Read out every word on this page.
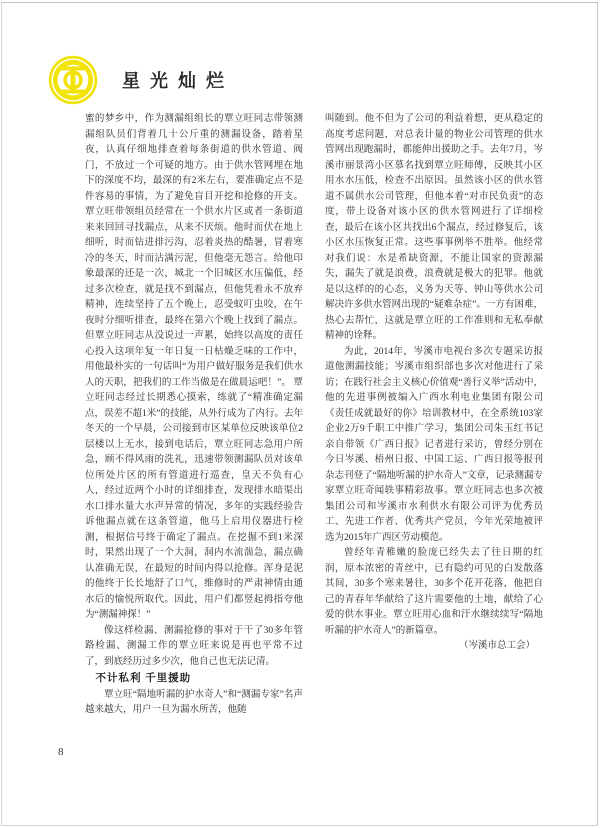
星光灿烂

蜜的梦乡中，作为测漏组组长的覃立旺同志带领测漏组队员们背着几十公斤重的测漏设备，踏着星夜，认真仔细地排查着每条街道的供水管道、阀门，不放过一个可疑的地方。由于供水管网埋在地下的深度不均，最深的有2米左右，要准确定点不是件容易的事情，为了避免盲目开挖和抢修的开支。覃立旺带领组员经常在一个供水片区或者一条街道来来回回寻找漏点，从来不厌烦。他时而伏在地上细听，时而钻进排污沟，忍着炎热的酷暑，冒着寒冷的冬天，时而沾满污泥，但他毫无怨言。给他印象最深的还是一次，城北一个旧城区水压偏低，经过多次检查，就是找不到漏点，但他凭着永不放弃精神，连续坚持了五个晚上，忍受蚊叮虫咬，在午夜时分细听排查，最终在第六个晚上找到了漏点。但覃立旺同志从没说过一声累，始终以高度的责任心投入这项年复一年日复一日枯燥乏味的工作中，用他最朴实的一句话叫“为用户做好服务是我们供水人的天职，把我们的工作当做是在做晨运吧！”。 覃立旺同志经过长期悉心摸索，练就了“精准确定漏点，误差不超1米”的技能，从外行成为了内行。去年冬天的一个早晨，公司接到市区某单位反映该单位2层楼以上无水，接到电话后，覃立旺同志急用户所急，顾不得风雨的洗礼，迅速带领测漏队员对该单位所处片区的所有管道进行巡查，皇天不负有心人，经过近两个小时的详细排查，发现排水暗渠出水口排水量大水声异常的情况，多年的实践经验告诉他漏点就在这条管道，他马上启用仪器进行检测，根据信号终于确定了漏点。在挖掘不到1米深时，果然出现了一个大洞，洞内水流湍急，漏点确认准确无误，在最短的时间内得以抢修。浑身是泥的他终于长长地舒了口气，维修时的严肃神情由通水后的愉悦所取代。因此，用户们都竖起拇指夸他为“测漏神探！”

像这样检漏、测漏抢修的事对于干了30多年管路检漏、测漏工作的覃立旺来说是再也平常不过了，到底经历过多少次，他自己也无法记清。

不计私利 千里援助

覃立旺“隔地听漏的护水奇人”和“测漏专家”名声越来越大，用户一旦为漏水所苦，他随

叫随到。他不但为了公司的利益着想，更从稳定的高度考虑问题，对总表计量的物业公司管理的供水管网出现跑漏时，都能伸出援助之手。去年7月，岑溪市丽景湾小区慕名找到覃立旺师傅，反映其小区用水水压低，检查不出原因。虽然该小区的供水管道不属供水公司管理，但他本着“对市民负责”的态度，带上设备对该小区的供水管网进行了详细检查，最后在该小区共找出6个漏点，经过修复后，该小区水压恢复正常。这些事事例举不胜举。他经常对我们说：水是希缺资源，不能让国家的资源漏失，漏失了就是浪费，浪费就是极大的犯罪。他就是以这样的的心态，义务为天等、钟山等供水公司解决许多供水管网出现的“疑难杂症”。一方有困难，热心去帮忙，这就是覃立旺的工作准则和无私奉献精神的诠释。

为此，2014年，岑溪市电视台多次专题采访报道他测漏技能；岑溪市组织部也多次对他进行了采访；在践行社会主义核心价值观“善行义举”活动中，他的先进事例被编入广西水利电业集团有限公司《责任成就最好的你》培训教材中，在全系统103家企业2万9千职工中推广学习，集团公司朱玉红书记亲自带领《广西日报》记者进行采访，曾经分别在今日岑溪、梧州日报、中国工运、广西日报等报刊杂志刊登了“隔地听漏的护水奇人”文章，记录测漏专家覃立旺奇闻轶事精彩故事。覃立旺同志也多次被集团公司和岑溪市水利供水有限公司评为优秀员工、先进工作者、优秀共产党员，今年光荣地被评选为2015年广西区劳动模范。

曾经年青稚嫩的脸庞已经失去了往日期的红润，原本浓密的青丝中，已有隐约可见的白发散落其间，30多个寒来暑往，30多个花开花落，他把自己的青春年华献给了这片需要他的土地，献给了心爱的供水事业。覃立旺用心血和汗水继续续写“隔地听漏的护水奇人”的新篇章。

（岑溪市总工会）

8
